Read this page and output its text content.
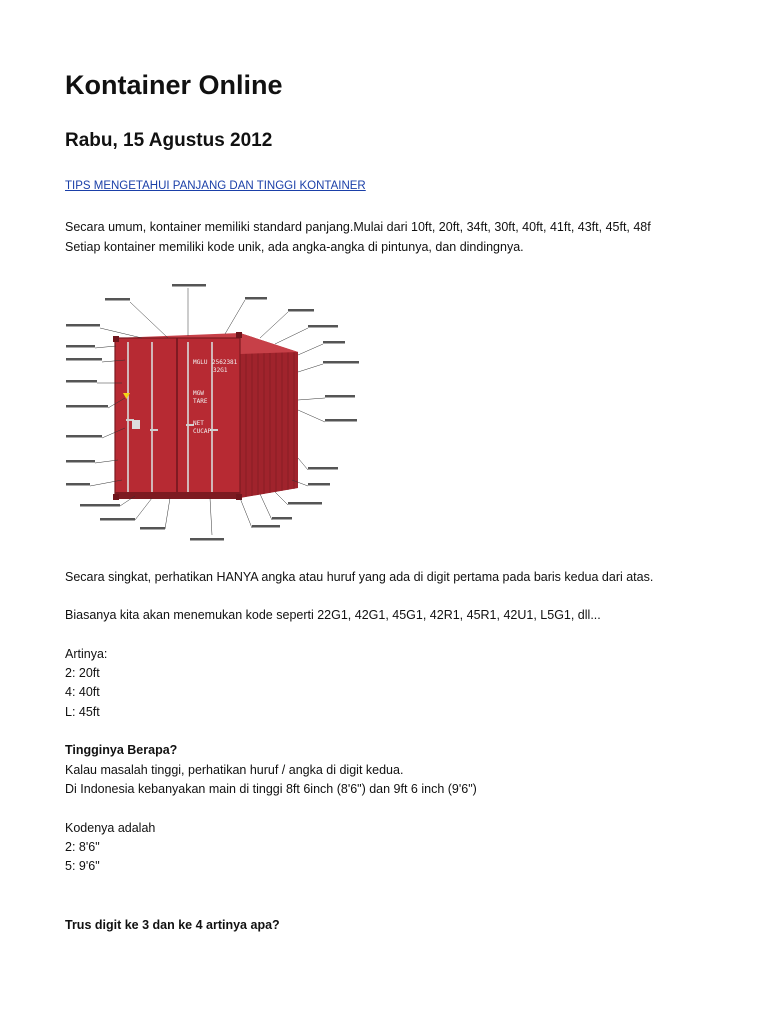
Kontainer Online
Rabu, 15 Agustus 2012
TIPS MENGETAHUI PANJANG DAN TINGGI KONTAINER

Secara umum, kontainer memiliki standard panjang.Mulai dari 10ft, 20ft, 34ft, 30ft, 40ft, 41ft, 43ft, 45ft, 48f

Setiap kontainer memiliki kode unik, ada angka-angka di pintunya, dan dindingnya.

MGLU 2562381
32G1
MGW
TARE
NET
CUCAP

Secara singkat, perhatikan HANYA angka atau huruf yang ada di digit pertama pada baris kedua dari atas.

Biasanya kita akan menemukan kode seperti 22G1, 42G1, 45G1, 42R1, 45R1, 42U1, L5G1, dll...

Artinya:

2: 20ft

4: 40ft

L: 45ft

Tingginya Berapa?

Kalau masalah tinggi, perhatikan huruf / angka di digit kedua.

Di Indonesia kebanyakan main di tinggi 8ft 6inch (8'6") dan 9ft 6 inch (9'6")

Kodenya adalah

2: 8'6"

5: 9'6"

Trus digit ke 3 dan ke 4 artinya apa?
